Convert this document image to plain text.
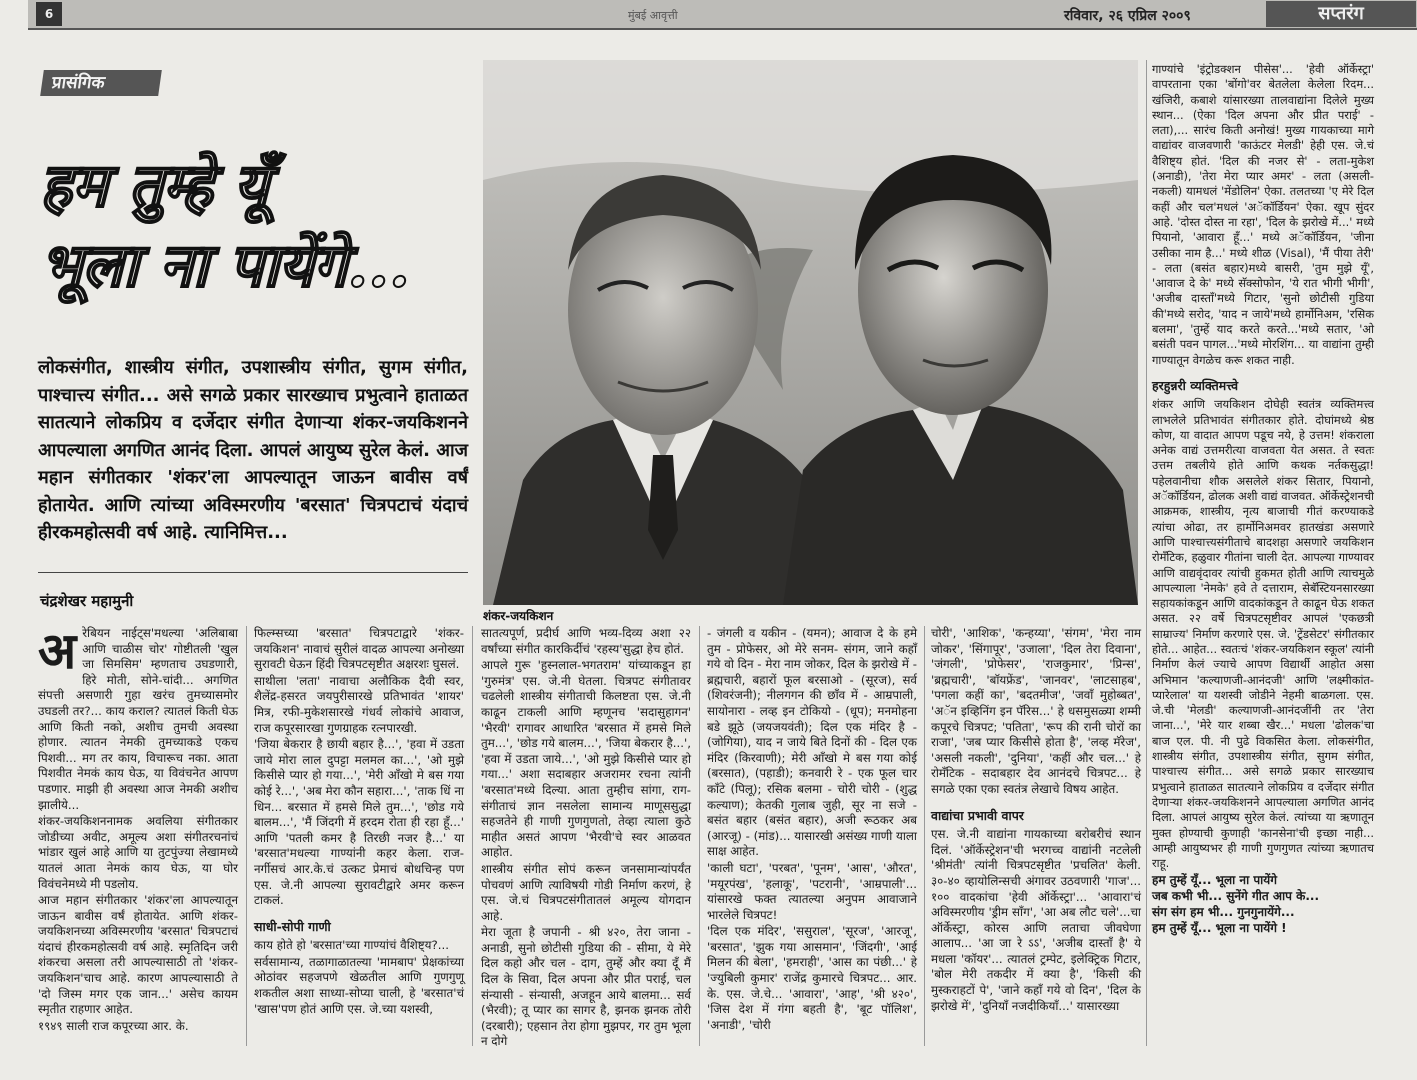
6	मुंबई आवृत्ती	रविवार, २६ एप्रिल २००९	सप्तरंग
प्रासंगिक
हम तुम्हे यूँ
भूला ना पायेंगे...
लोकसंगीत, शास्त्रीय संगीत, उपशास्त्रीय संगीत, सुगम संगीत, पाश्चात्त्य संगीत... असे सगळे प्रकार सारख्याच प्रभुत्वाने हाताळत सातत्याने लोकप्रिय व दर्जेदार संगीत देणाऱ्या शंकर-जयकिशनने आपल्याला अगणित आनंद दिला. आपलं आयुष्य सुरेल केलं. आज महान संगीतकार 'शंकर'ला आपल्यातून जाऊन बावीस वर्षं होतायेत. आणि त्यांच्या अविस्मरणीय 'बरसात' चित्रपटाचं यंदाचं हीरकमहोत्सवी वर्ष आहे. त्यानिमित्त...
चंद्रशेखर महामुनी
शंकर-जयकिशन

गाण्यांचे 'इंट्रोडक्शन पीसेस'... 'हेवी ऑर्केस्ट्रा' वापरताना एका 'बोंगो'वर बेतलेला केलेला रिदम... खंजिरी, कबाशे यांसारख्या तालवाद्यांना दिलेले मुख्य स्थान... (ऐका 'दिल अपना और प्रीत पराई' - लता),... सारंच किती अनोखं! मुख्य गायकाच्या मागे वाद्यांवर वाजवणारी 'काऊंटर मेलडी' हेही एस. जे.चं वैशिष्ट्य होतं. 'दिल की नजर से' - लता-मुकेश (अनाडी), 'तेरा मेरा प्यार अमर' - लता (असली-नकली) यामधलं 'मेंडोलिन' ऐका. तलतच्या 'ए मेरे दिल कहीं और चल'मधलं 'अॅकॉर्डियन' ऐका. खूप सुंदर आहे. 'दोस्त दोस्त ना रहा', 'दिल के झरोखे में...' मध्ये पियानो, 'आवारा हूँ...' मध्ये अॅकॉर्डियन, 'जीना उसीका नाम है...' मध्ये शीळ (Visal), 'मैं पीया तेरी' - लता (बसंत बहार)मध्ये बासरी, 'तुम मुझे यूँ', 'आवाज दे के' मध्ये सॅक्सोफोन, 'ये रात भीगी भीगी', 'अजीब दास्ताँ'मध्ये गिटार, 'सुनो छोटीसी गुडिया की'मध्ये सरोद, 'याद न जाये'मध्ये हार्मोनिअम, 'रसिक बलमा', 'तुम्हें याद करते करते...'मध्ये सतार, 'ओ बसंती पवन पागल...'मध्ये मोरशिंग... या वाद्यांना तुम्ही गाण्यातून वेगळेच करू शकत नाही.

हरहुन्नरी व्यक्तिमत्त्वे

शंकर आणि जयकिशन दोघेही स्वतंत्र व्यक्तिमत्त्व लाभलेले प्रतिभावंत संगीतकार होते. दोघांमध्ये श्रेष्ठ कोण, या वादात आपण पडूच नये, हे उत्तम! शंकराला अनेक वाद्यं उत्तमरीत्या वाजवता येत असत. ते स्वतः उत्तम तबलीये होते आणि कथक नर्तकसुद्धा! पहेलवानीचा शौक असलेले शंकर सितार, पियानो, अॅकॉर्डियन, ढोलक अशी वाद्यं वाजवत. ऑर्केस्ट्रेशनची आक्रमक, शास्त्रीय, नृत्य बाजाची गीतं करण्याकडे त्यांचा ओढा, तर हार्मोनिअमवर हातखंडा असणारे आणि पाश्चात्त्यसंगीताचे बादशहा असणारे जयकिशन रोमँटिक, हळुवार गीतांना चाली देत. आपल्या गाण्यावर आणि वाद्यवृंदावर त्यांची हुकमत होती आणि त्याचमुळे आपल्याला 'नेमके' हवे ते दत्ताराम, सेबॅस्टियनसारख्या सहायकांकडून आणि वादकांकडून ते काढून घेऊ शकत असत. २२ वर्षे चित्रपटसृष्टीवर आपलं 'एकछत्री साम्राज्य' निर्माण करणारे एस. जे. 'ट्रेंडसेटर' संगीतकार होते... आहेत... स्वतःचं 'शंकर-जयकिशन स्कूल' त्यांनी निर्माण केलं ज्याचे आपण विद्यार्थी आहोत असा अभिमान 'कल्याणजी-आनंदजी' आणि 'लक्ष्मीकांत-प्यारेलाल' या यशस्वी जोडीने नेहमी बाळगला. एस. जे.ची 'मेलडी' कल्याणजी-आनंदजींनी तर 'तेरा जाना...', 'मेरे यार शब्बा खैर...' मधला 'ढोलक'चा बाज एल. पी. नी पुढे विकसित केला. लोकसंगीत, शास्त्रीय संगीत, उपशास्त्रीय संगीत, सुगम संगीत, पाश्चात्त्य संगीत... असे सगळे प्रकार सारख्याच प्रभुत्वाने हाताळत सातत्याने लोकप्रिय व दर्जेदार संगीत देणाऱ्या शंकर-जयकिशनने आपल्याला अगणित आनंद दिला. आपलं आयुष्य सुरेल केलं. त्यांच्या या ऋणातून मुक्त होण्याची कुणाही 'कानसेना'ची इच्छा नाही... आम्ही आयुष्यभर ही गाणी गुणगुणत त्यांच्या ऋणातच राहू.

हम तुम्हें यूँ... भूला ना पायेंगे
जब कभी भी... सुनेंगे गीत आप के...
संग संग हम भी... गुनगुनायेंगे...
हम तुम्हें यूँ... भूला ना पायेंगे !

अरेबियन नाईट्स'मधल्या 'अलिबाबा आणि चाळीस चोर' गोष्टीतली 'खुल जा सिमसिम' म्हणताच उघडणारी, हिरे मोती, सोने-चांदी... अगणित संपत्ती असणारी गुहा खरंच तुमच्यासमोर उघडली तर?... काय कराल? त्यातलं किती घेऊ आणि किती नको, अशीच तुमची अवस्था होणार. त्यातन नेमकी तुमच्याकडे एकच पिशवी... मग तर काय, विचारूच नका. आता पिशवीत नेमकं काय घेऊ, या विवंचनेत आपण पडणार. माझी ही अवस्था आज नेमकी अशीच झालीये...

शंकर-जयकिशननामक अवलिया संगीतकार जोडीच्या अवीट, अमूल्य अशा संगीतरचनांचं भांडार खुलं आहे आणि या तुटपुंज्या लेखामध्ये यातलं आता नेमकं काय घेऊ, या घोर विवंचनेमध्ये मी पडलोय.

आज महान संगीतकार 'शंकर'ला आपल्यातून जाऊन बावीस वर्षं होतायेत. आणि शंकर-जयकिशनच्या अविस्मरणीय 'बरसात' चित्रपटाचं यंदाचं हीरकमहोत्सवी वर्ष आहे. स्मृतिदिन जरी शंकरचा असला तरी आपल्यासाठी तो 'शंकर-जयकिशन'चाच आहे. कारण आपल्यासाठी ते 'दो जिस्म मगर एक जान...' असेच कायम स्मृतीत राहणार आहेत.

१९४९ साली राज कपूरच्या आर. के.

फिल्म्सच्या 'बरसात' चित्रपटाद्वारे 'शंकर-जयकिशन' नावाचं सुरीलं वादळ आपल्या अनोख्या सुरावटी घेऊन हिंदी चित्रपटसृष्टीत अक्षरशः घुसलं.

साथीला 'लता' नावाचा अलौकिक दैवी स्वर, शैलेंद्र-हसरत जयपुरीसारखे प्रतिभावंत 'शायर' मित्र, रफी-मुकेशसारखे गंधर्व लोकांचे आवाज, राज कपूरसारखा गुणग्राहक रत्नपारखी.

'जिया बेकरार है छायी बहार है...', 'हवा में उडता जाये मोरा लाल दुपट्टा मलमल का...', 'ओ मुझे किसीसे प्यार हो गया...', 'मेरी आँखो मे बस गया कोई रे...', 'अब मेरा कौन सहारा...', 'ताक धिं ना धिन... बरसात में हमसे मिले तुम...', 'छोड गये बालम...', 'मैं जिंदगी में हरदम रोता ही रहा हूँ...' आणि 'पतली कमर है तिरछी नजर है...' या 'बरसात'मधल्या गाण्यांनी कहर केला. राज-नर्गीसचं आर.के.चं उत्कट प्रेमाचं बोधचिन्ह पण एस. जे.नी आपल्या सुरावटीद्वारे अमर करून टाकलं.

साधी-सोपी गाणी

काय होते हो 'बरसात'च्या गाण्यांचं वैशिष्ट्य?...

सर्वसामान्य, तळागाळातल्या 'मामबाप' प्रेक्षकांच्या ओठांवर सहजपणे खेळतील आणि गुणगुणू शकतील अशा साध्या-सोप्या चाली, हे 'बरसात'चं 'खास'पण होतं आणि एस. जे.च्या यशस्वी,

सातत्यपूर्ण, प्रदीर्घ आणि भव्य-दिव्य अशा २२ वर्षांच्या संगीत कारकिर्दीचं 'रहस्य'सुद्धा हेच होतं.

आपले गुरू 'हुस्नलाल-भगतराम' यांच्याकडून हा 'गुरुमंत्र' एस. जे.नी घेतला. चित्रपट संगीतावर चढलेली शास्त्रीय संगीताची किलष्टता एस. जे.नी काढून टाकली आणि म्हणूनच 'सदासुहागन' 'भैरवी' रागावर आधारित 'बरसात में हमसे मिले तुम...', 'छोड गये बालम...', 'जिया बेकरार है...', 'हवा में उडता जाये...', 'ओ मुझे किसीसे प्यार हो गया...' अशा सदाबहार अजरामर रचना त्यांनी 'बरसात'मध्ये दिल्या. आता तुम्हीच सांगा, राग-संगीताचं ज्ञान नसलेला सामान्य माणूससुद्धा सहजतेने ही गाणी गुणगुणतो, तेव्हा त्याला कुठे माहीत असतं आपण 'भैरवी'चे स्वर आळवत आहोत.

शास्त्रीय संगीत सोपं करून जनसामान्यांपर्यंत पोचवणं आणि त्याविषयी गोडी निर्माण करणं, हे एस. जे.चं चित्रपटसंगीतातलं अमूल्य योगदान आहे.

मेरा जूता है जपानी - श्री ४२०, तेरा जाना - अनाडी, सुनो छोटीसी गुडिया की - सीमा, ये मेरे दिल कहो और चल - दाग, तुम्हें और क्या दूँ मैं दिल के सिवा, दिल अपना और प्रीत पराई, चल संन्यासी - संन्यासी, अजहून आये बालमा... सर्व (भैरवी); तू प्यार का सागर है, झनक झनक तोरी (दरबारी); एहसान तेरा होगा मुझपर, गर तुम भूला न दोगे

- जंगली व यकीन - (यमन); आवाज दे के हमे तुम - प्रोफेसर, ओ मेरे सनम- संगम, जाने कहाँ गये वो दिन - मेरा नाम जोकर, दिल के झरोखे में - ब्रह्मचारी, बहारों फूल बरसाओ - (सूरज), सर्व (शिवरंजनी); नीलगगन की छाँव में - आम्रपाली, सायोनारा - लव्ह इन टोकियो - (धूप); मनमोहना बडे झूठे (जयजयवंती); दिल एक मंदिर है - (जोगिया), याद न जाये बिते दिनों की - दिल एक मंदिर (किरवाणी); मेरी आँखो मे बस गया कोई (बरसात), (पहाडी); कनवारी रे - एक फूल चार काँटे (पिलू); रसिक बलमा - चोरी चोरी - (शुद्ध कल्याण); केतकी गुलाब जुही, सूर ना सजे - बसंत बहार (बसंत बहार), अजी रूठकर अब (आरजू) - (मांड)... यासारखी असंख्य गाणी याला साक्ष आहेत.

'काली घटा', 'परबत', 'पूनम', 'आस', 'औरत', 'मयूरपंख', 'हलाकू', 'पटरानी', 'आम्रपाली'... यांसारखे फक्त त्यातल्या अनुपम आवाजाने भारलेले चित्रपट!

'दिल एक मंदिर', 'ससुराल', 'सूरज', 'आरजू', 'बरसात', 'झुक गया आसमान', 'जिंदगी', 'आई मिलन की बेला', 'हमराही', 'आस का पंछी...' हे 'ज्युबिली कुमार' राजेंद्र कुमारचे चित्रपट... आर. के. एस. जे.चे... 'आवारा', 'आह', 'श्री ४२०', 'जिस देश में गंगा बहती है', 'बूट पॉलिश', 'अनाडी', 'चोरी

चोरी', 'आशिक', 'कन्हय्या', 'संगम', 'मेरा नाम जोकर', 'सिंगापूर', 'उजाला', 'दिल तेरा दिवाना', 'जंगली', 'प्रोफेसर', 'राजकुमार', 'प्रिन्स', 'ब्रह्मचारी', 'बॉयफ्रेंड', 'जानवर', 'लाटसाहब', 'पगला कहीं का', 'बदतमीज', 'जवाँ मुहोब्बत', 'अॅन इव्हिनिंग इन पॅरिस...' हे धसमुसळ्या शम्मी कपूरचे चित्रपट; 'पतिता', 'रूप की रानी चोरों का राजा', 'जब प्यार किसीसे होता है', 'लव्ह मॅरेज', 'असली नकली', 'दुनिया', 'कहीं और चल...' हे रोमँटिक - सदाबहार देव आनंदचे चित्रपट... हे सगळे एका एका स्वतंत्र लेखाचे विषय आहेत.

वाद्यांचा प्रभावी वापर

एस. जे.नी वाद्यांना गायकाच्या बरोबरीचं स्थान दिलं. 'ऑर्केस्ट्रेशन'ची भरगच्च वाद्यांनी नटलेली 'श्रीमंती' त्यांनी चित्रपटसृष्टीत 'प्रचलित' केली. ३०-४० व्हायोलिन्सची अंगावर उठवणारी 'गाज'... १०० वादकांचा 'हेवी ऑर्केस्ट्रा'... 'आवारा'चं अविस्मरणीय 'ड्रीम साँग', 'आ अब लौट चले'...चा ऑर्केस्ट्रा, कोरस आणि लताचा जीवघेणा आलाप... 'आ जा रे ऽऽ', 'अजीब दास्ताँ है' ये मधला 'कॉयर'... त्यातलं ट्रम्पेट, इलेक्ट्रिक गिटार, 'बोल मेरी तकदीर में क्या है', 'किसी की मुस्कराहटों पे', 'जाने कहाँ गये वो दिन', 'दिल के झरोखे में', 'दुनियाँ नजदीकियाँ...' यासारख्या
